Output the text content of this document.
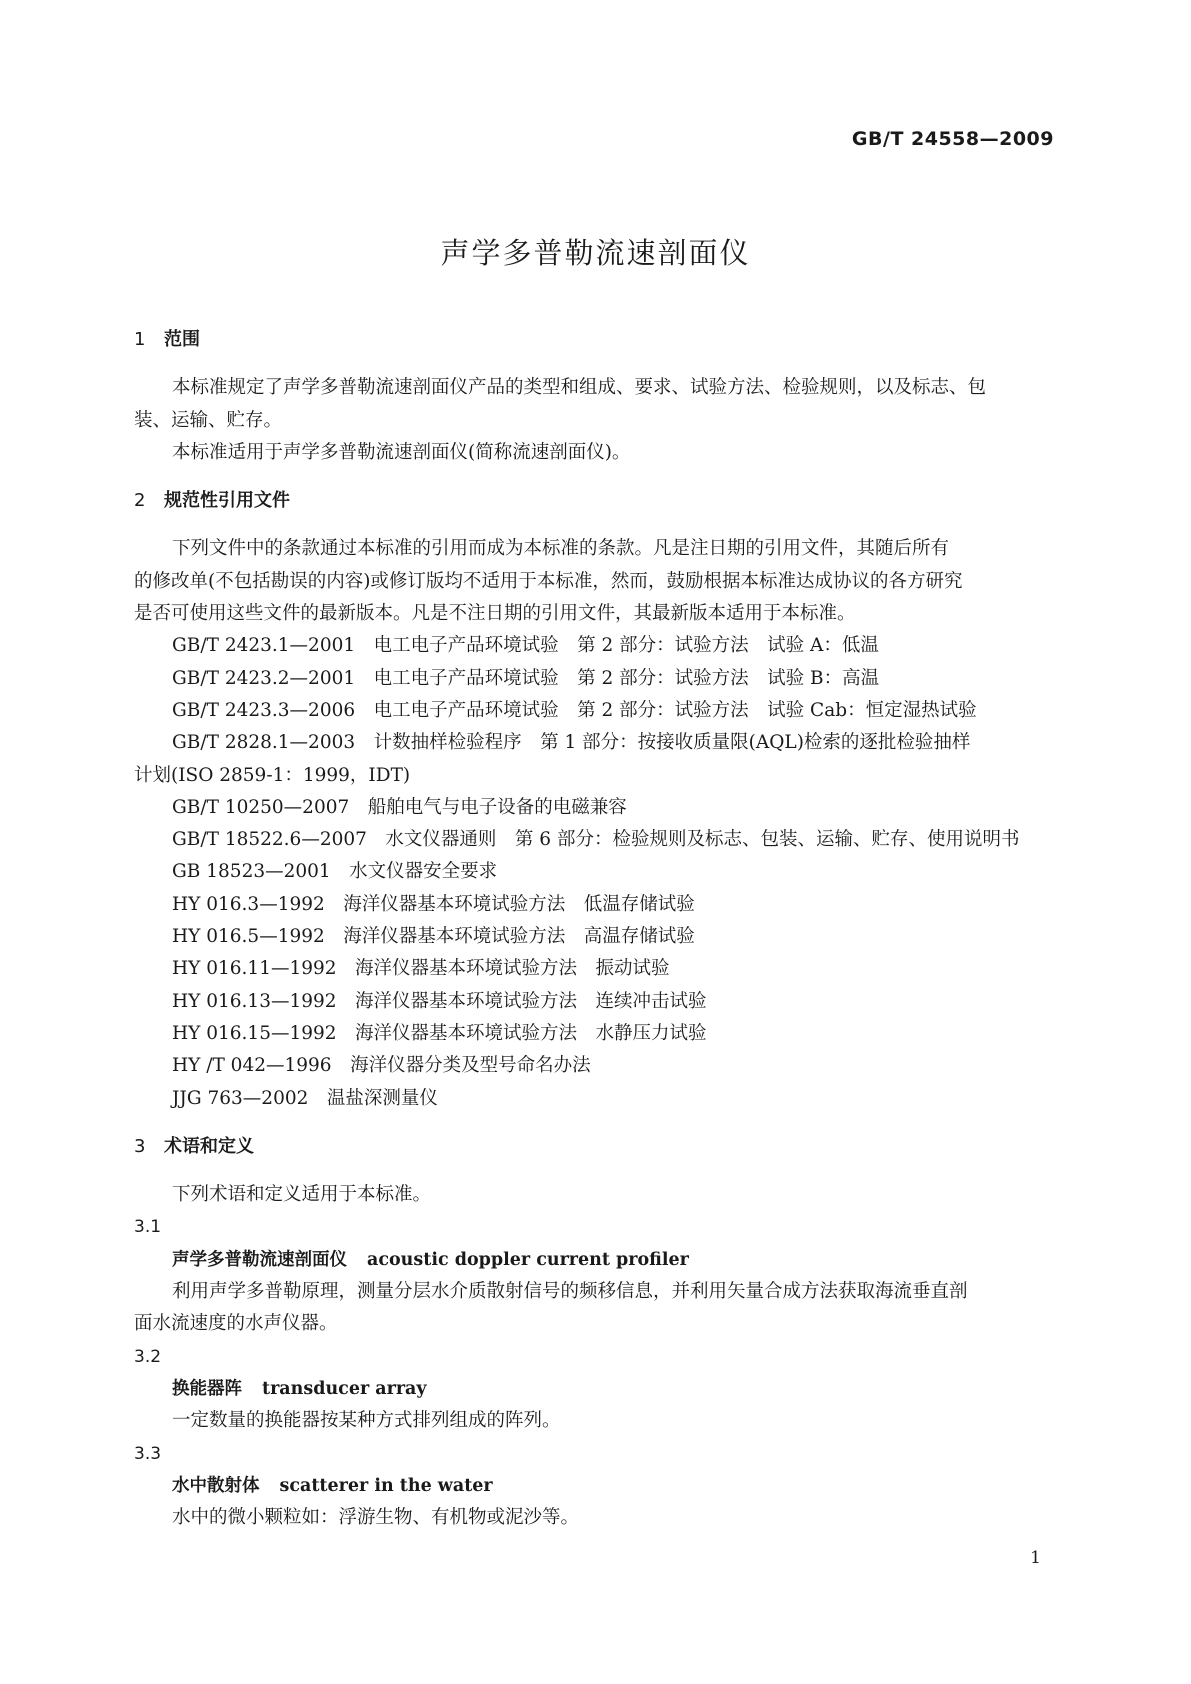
GB/T 24558—2009
声学多普勒流速剖面仪

1 范围

本标准规定了声学多普勒流速剖面仪产品的类型和组成、要求、试验方法、检验规则，以及标志、包

装、运输、贮存。

本标准适用于声学多普勒流速剖面仪(简称流速剖面仪)。

2 规范性引用文件

下列文件中的条款通过本标准的引用而成为本标准的条款。凡是注日期的引用文件，其随后所有

的修改单(不包括勘误的内容)或修订版均不适用于本标准，然而，鼓励根据本标准达成协议的各方研究

是否可使用这些文件的最新版本。凡是不注日期的引用文件，其最新版本适用于本标准。

GB/T 2423.1—2001　电工电子产品环境试验　第 2 部分：试验方法　试验 A：低温

GB/T 2423.2—2001　电工电子产品环境试验　第 2 部分：试验方法　试验 B：高温

GB/T 2423.3—2006　电工电子产品环境试验　第 2 部分：试验方法　试验 Cab：恒定湿热试验

GB/T 2828.1—2003　计数抽样检验程序　第 1 部分：按接收质量限(AQL)检索的逐批检验抽样

计划(ISO 2859-1：1999，IDT)

GB/T 10250—2007　船舶电气与电子设备的电磁兼容

GB/T 18522.6—2007　水文仪器通则　第 6 部分：检验规则及标志、包装、运输、贮存、使用说明书

GB 18523—2001　水文仪器安全要求

HY 016.3—1992　海洋仪器基本环境试验方法　低温存储试验

HY 016.5—1992　海洋仪器基本环境试验方法　高温存储试验

HY 016.11—1992　海洋仪器基本环境试验方法　振动试验

HY 016.13—1992　海洋仪器基本环境试验方法　连续冲击试验

HY 016.15—1992　海洋仪器基本环境试验方法　水静压力试验

HY /T 042—1996　海洋仪器分类及型号命名办法

JJG 763—2002　温盐深测量仪

3 术语和定义

下列术语和定义适用于本标准。

3.1

声学多普勒流速剖面仪 acoustic doppler current profiler

利用声学多普勒原理，测量分层水介质散射信号的频移信息，并利用矢量合成方法获取海流垂直剖

面水流速度的水声仪器。

3.2

换能器阵 transducer array

一定数量的换能器按某种方式排列组成的阵列。

3.3

水中散射体 scatterer in the water

水中的微小颗粒如：浮游生物、有机物或泥沙等。

1
